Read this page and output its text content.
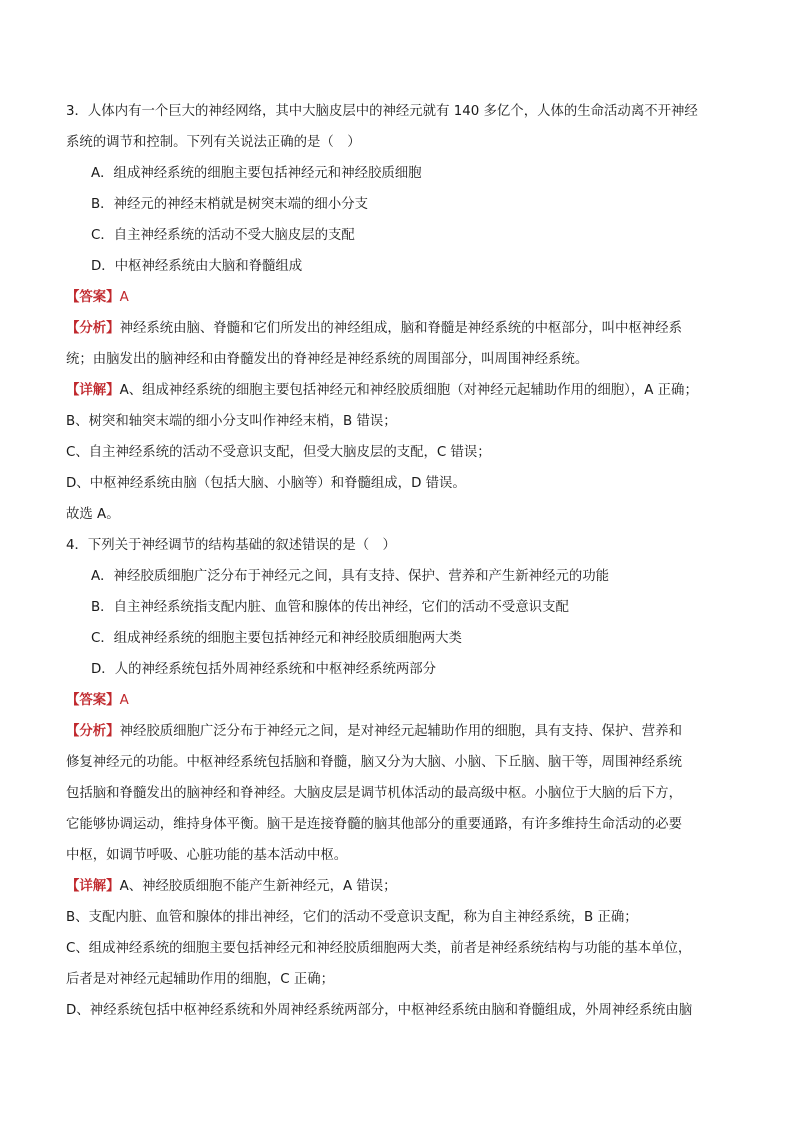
3．人体内有一个巨大的神经网络，其中大脑皮层中的神经元就有 140 多亿个，人体的生命活动离不开神经
系统的调节和控制。下列有关说法正确的是（　）
A．组成神经系统的细胞主要包括神经元和神经胶质细胞
B．神经元的神经末梢就是树突末端的细小分支
C．自主神经系统的活动不受大脑皮层的支配
D．中枢神经系统由大脑和脊髓组成
【答案】A
【分析】神经系统由脑、脊髓和它们所发出的神经组成，脑和脊髓是神经系统的中枢部分，叫中枢神经系
统；由脑发出的脑神经和由脊髓发出的脊神经是神经系统的周围部分，叫周围神经系统。
【详解】A、组成神经系统的细胞主要包括神经元和神经胶质细胞（对神经元起辅助作用的细胞），A 正确；
B、树突和轴突末端的细小分支叫作神经末梢，B 错误；
C、自主神经系统的活动不受意识支配，但受大脑皮层的支配，C 错误；
D、中枢神经系统由脑（包括大脑、小脑等）和脊髓组成，D 错误。
故选 A。
4．下列关于神经调节的结构基础的叙述错误的是（　）
A．神经胶质细胞广泛分布于神经元之间，具有支持、保护、营养和产生新神经元的功能
B．自主神经系统指支配内脏、血管和腺体的传出神经，它们的活动不受意识支配
C．组成神经系统的细胞主要包括神经元和神经胶质细胞两大类
D．人的神经系统包括外周神经系统和中枢神经系统两部分
【答案】A
【分析】神经胶质细胞广泛分布于神经元之间，是对神经元起辅助作用的细胞，具有支持、保护、营养和
修复神经元的功能。中枢神经系统包括脑和脊髓，脑又分为大脑、小脑、下丘脑、脑干等，周围神经系统
包括脑和脊髓发出的脑神经和脊神经。大脑皮层是调节机体活动的最高级中枢。小脑位于大脑的后下方，
它能够协调运动，维持身体平衡。脑干是连接脊髓的脑其他部分的重要通路，有许多维持生命活动的必要
中枢，如调节呼吸、心脏功能的基本活动中枢。
【详解】A、神经胶质细胞不能产生新神经元，A 错误；
B、支配内脏、血管和腺体的排出神经，它们的活动不受意识支配，称为自主神经系统，B 正确；
C、组成神经系统的细胞主要包括神经元和神经胶质细胞两大类，前者是神经系统结构与功能的基本单位，
后者是对神经元起辅助作用的细胞，C 正确；
D、神经系统包括中枢神经系统和外周神经系统两部分，中枢神经系统由脑和脊髓组成，外周神经系统由脑
